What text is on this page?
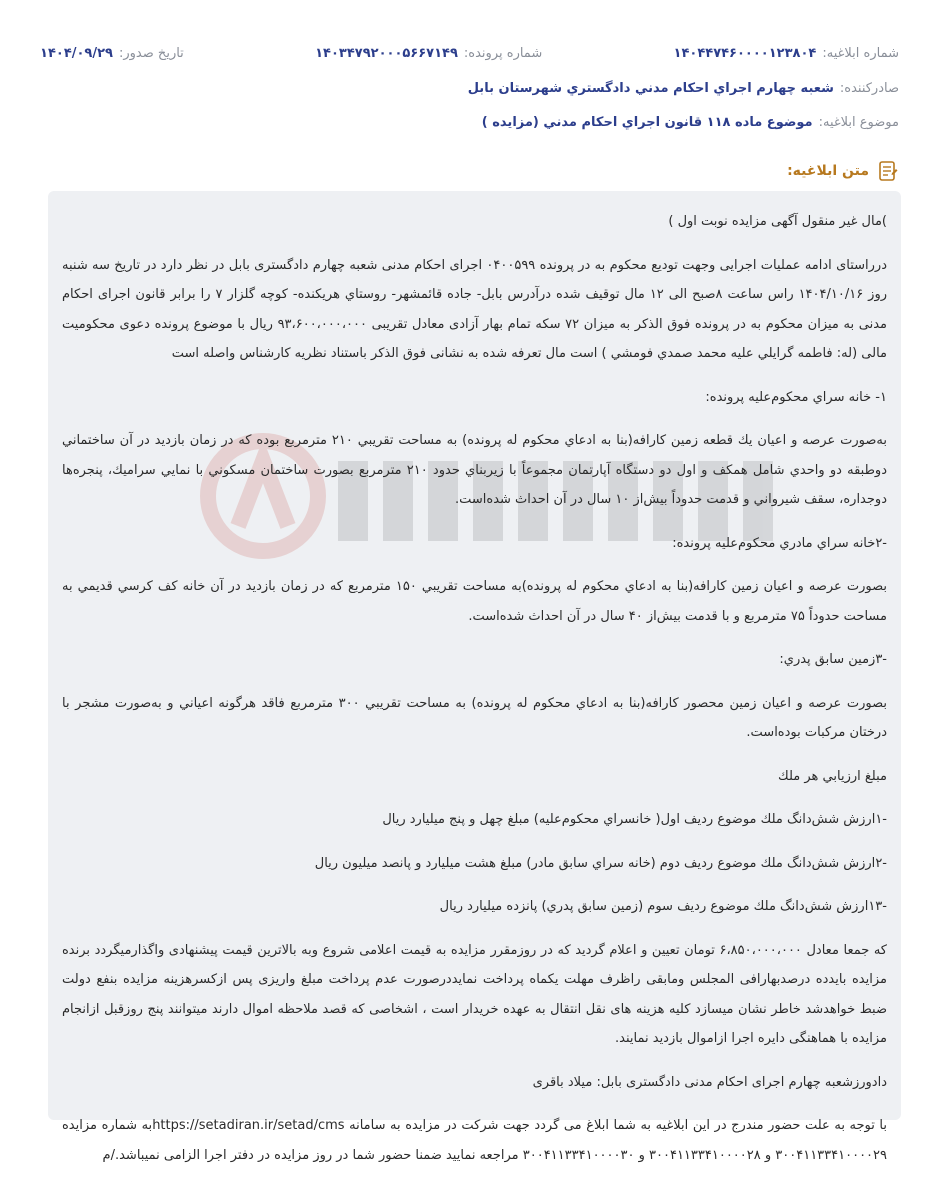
شماره ابلاغیه:
۱۴۰۴۴۷۴۶۰۰۰۰۱۲۳۸۰۴
شماره پرونده:
۱۴۰۳۴۷۹۲۰۰۰۵۶۶۷۱۴۹
تاریخ صدور:
۱۴۰۴/۰۹/۲۹
صادرکننده:
شعبه چهارم اجراي احكام مدني دادگستري شهرستان بابل
موضوع ابلاغیه:
موضوع ماده ۱۱۸ قانون اجراي احكام مدني (مزايده )
متن ابلاغیه:

)مال غیر منقول آگهی مزایده نوبت اول )

درراستای ادامه عملیات اجرایی وجهت تودیع محکوم به در پرونده ۰۴۰۰۵۹۹ اجرای احکام مدنی شعبه چهارم دادگستری بابل در نظر دارد در تاریخ سه شنبه روز ۱۴۰۴/۱۰/۱۶ راس ساعت ۸صبح الی ۱۲ مال توقیف شده درآدرس بابل- جاده قائمشهر- روستاي هريكنده- كوچه گلزار ۷ را برابر قانون اجرای احکام مدنی به میزان محکوم به در پرونده فوق الذکر به میزان ۷۲ سکه تمام بهار آزادی معادل تقریبی ۹۳،۶۰۰،۰۰۰،۰۰۰ ریال با موضوع پرونده دعوی محکومیت مالی (له: فاطمه گرايلي عليه محمد صمدي فومشي ) است مال تعرفه شده به نشانی فوق الذکر باستناد نظریه کارشناس واصله است

۱- خانه سراي محكوم‌عليه پرونده:

به‌صورت عرصه و اعيان يك قطعه زمين كارافه(بنا به ادعاي محكوم له پرونده) به مساحت تقريبي ۲۱۰ مترمربع بوده كه در زمان بازديد در آن ساختماني دوطبقه دو واحدي شامل همكف و اول دو دستگاه آپارتمان مجموعاً با زيربناي حدود ۲۱۰ مترمربع بصورت ساختمان مسكوني با نمايي سراميك، پنجره‌ها دوجداره، سقف شيرواني و قدمت حدوداً بيش‌از ۱۰ سال در آن احداث شده‌است.

-۲خانه سراي مادري محكوم‌عليه پرونده:

بصورت عرصه و اعيان زمين كارافه(بنا به ادعاي محكوم له پرونده)به مساحت تقريبي ۱۵۰ مترمربع كه در زمان بازديد در آن خانه كف كرسي قديمي به مساحت حدوداً ۷۵ مترمربع و با قدمت بيش‌از ۴۰ سال در آن احداث شده‌است.

-۳زمين سابق پدري:

بصورت عرصه و اعيان زمين محصور كارافه(بنا به ادعاي محكوم له پرونده) به مساحت تقريبي ۳۰۰ مترمربع فاقد هرگونه اعياني و به‌صورت مشجر با درختان مركبات بوده‌است.

مبلغ ارزيابي هر ملك

-۱ارزش شش‌دانگ ملك موضوع رديف اول( خانسراي محكوم‌عليه) مبلغ چهل و پنج ميليارد ريال

-۲ارزش شش‌دانگ ملك موضوع رديف دوم (خانه سراي سابق مادر) مبلغ هشت ميليارد و پانصد ميليون ريال

-۱۳ارزش شش‌دانگ ملك موضوع رديف سوم (زمين سابق پدري) پانزده ميليارد ريال

که جمعا معادل ۶،۸۵۰،۰۰۰،۰۰۰ تومان تعیین و اعلام گردید که در روزمقرر مزایده به قیمت اعلامی شروع وبه بالاترین قیمت پیشنهادی واگذارمیگردد برنده مزایده بایدده درصدبهارافی المجلس ومابقی راظرف مهلت یکماه پرداخت نمایددرصورت عدم پرداخت مبلغ واریزی پس ازکسرهزینه مزایده بنفع دولت ضبط خواهدشد خاطر نشان میسازد کلیه هزینه های نقل انتقال به عهده خریدار است ، اشخاصی که قصد ملاحظه اموال دارند میتوانند پنج روزقبل ازانجام مزایده با هماهنگی دایره اجرا ازاموال بازدید نمایند.

دادورزشعبه چهارم اجرای احکام مدنی دادگستری بابل: میلاد باقری

با توجه به علت حضور مندرج در این ابلاغیه به شما ابلاغ می گردد جهت شرکت در مزایده به سامانه https://setadiran.ir/setad/cmsبه شماره مزایده ۳۰۰۴۱۱۳۳۴۱۰۰۰۰۲۹ و ۳۰۰۴۱۱۳۳۴۱۰۰۰۰۲۸ و ۳۰۰۴۱۱۳۳۴۱۰۰۰۰۳۰ مراجعه نمایید ضمنا حضور شما در روز مزایده در دفتر اجرا الزامی نمیباشد./م
